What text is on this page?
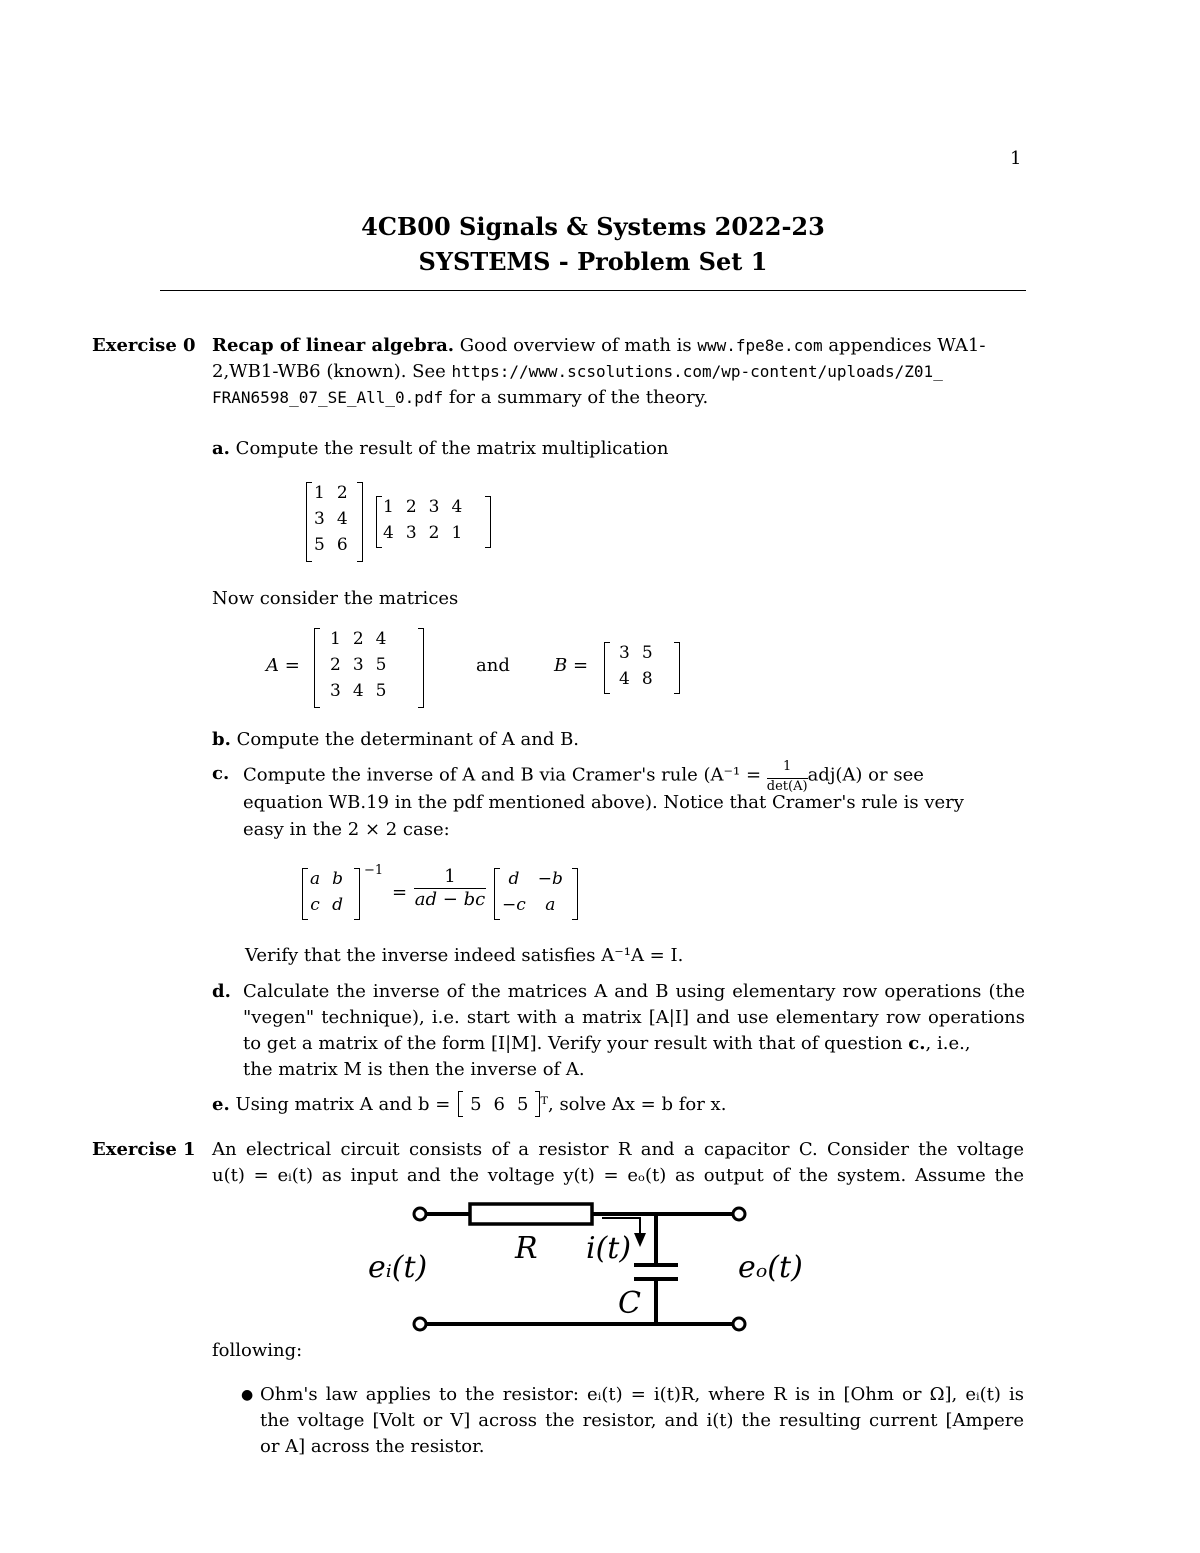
1
4CB00 Signals & Systems 2022-23
SYSTEMS - Problem Set 1
Exercise 0 Recap of linear algebra. Good overview of math is www.fpe8e.com appendices WA1-
2,WB1-WB6 (known). See https://www.scsolutions.com/wp-content/uploads/Z01_
FRAN6598_07_SE_All_0.pdf for a summary of the theory.
a. Compute the result of the matrix multiplication
1	2
3	4
5	6
1	2	3	4
4	3	2	1
Now consider the matrices
A =
1	2	4
2	3	5
3	4	5
and B =
3	5
4	8
b. Compute the determinant of A and B.
c. Compute the inverse of A and B via Cramer's rule ($A^{-1} = \frac{1}{\det(A)} adj(A)$ or see
equation WB.19 in the pdf mentioned above). Notice that Cramer's rule is very
easy in the 2 × 2 case:
a	b
c	d
−1
= $\frac{1}{ad - bc}$ d	−b
−c	a
Verify that the inverse indeed satisfies A⁻¹A = I.
d. Calculate the inverse of the matrices A and B using elementary row operations (the
"vegen" technique), i.e. start with a matrix [A|I] and use elementary row operations
to get a matrix of the form [I|M]. Verify your result with that of question c., i.e.,
the matrix M is then the inverse of A.
e. Using matrix A and b = 5 6 5 ᵀ, solve Ax = b for x.
Exercise 1 An electrical circuit consists of a resistor R and a capacitor C. Consider the voltage
u(t) = eᵢ(t) as input and the voltage y(t) = eₒ(t) as output of the system. Assume the
eᵢ(t)
R i(t)
C
eₒ(t)
following:
● Ohm's law applies to the resistor: eᵢ(t) = i(t)R, where R is in [Ohm or Ω], eᵢ(t) is
the voltage [Volt or V] across the resistor, and i(t) the resulting current [Ampere
or A] across the resistor.
